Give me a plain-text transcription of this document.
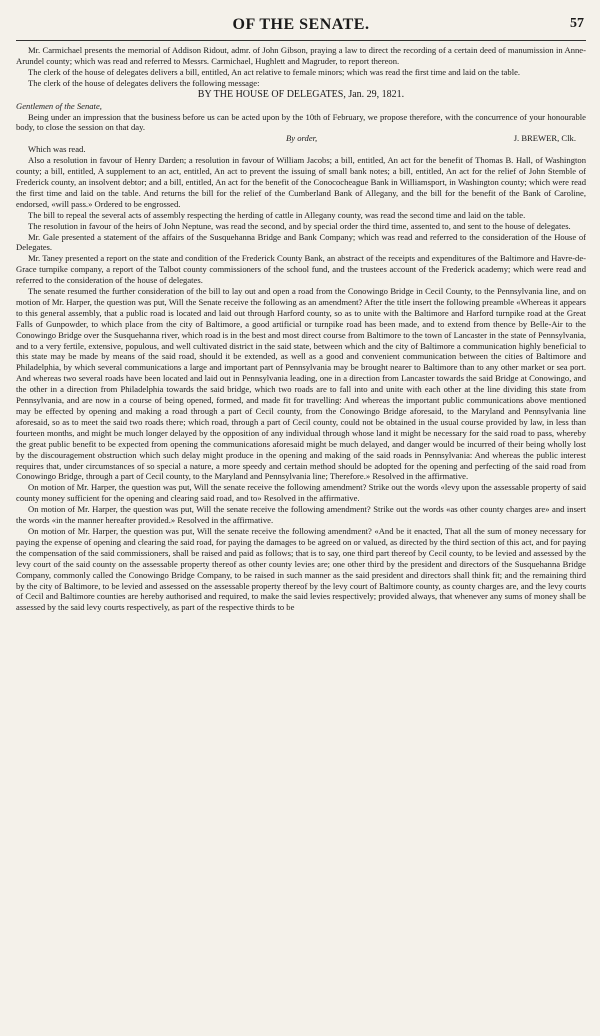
OF THE SENATE.	57

Mr. Carmichael presents the memorial of Addison Ridout, admr. of John Gibson, praying a law to direct the recording of a certain deed of manumission in Anne-Arundel county; which was read and referred to Messrs. Carmichael, Hughlett and Magruder, to report thereon.

The clerk of the house of delegates delivers a bill, entitled, An act relative to female minors; which was read the first time and laid on the table.

The clerk of the house of delegates delivers the following message:

BY THE HOUSE OF DELEGATES, Jan. 29, 1821.

Gentlemen of the Senate,

Being under an impression that the business before us can be acted upon by the 10th of February, we propose therefore, with the concurrence of your honourable body, to close the session on that day.

By order,	J. BREWER, Clk.

Which was read.

Also a resolution in favour of Henry Darden; a resolution in favour of William Jacobs; a bill, entitled, An act for the benefit of Thomas B. Hall, of Washington county; a bill, entitled, A supplement to an act, entitled, An act to prevent the issuing of small bank notes; a bill, entitled, An act for the relief of John Stemble of Frederick county, an insolvent debtor; and a bill, entitled, An act for the benefit of the Conococheague Bank in Williamsport, in Washington county; which were read the first time and laid on the table. And returns the bill for the relief of the Cumberland Bank of Allegany, and the bill for the benefit of the Bank of Caroline, endorsed, «will pass.» Ordered to be engrossed.

The bill to repeal the several acts of assembly respecting the herding of cattle in Allegany county, was read the second time and laid on the table.

The resolution in favour of the heirs of John Neptune, was read the second, and by special order the third time, assented to, and sent to the house of delegates.

Mr. Gale presented a statement of the affairs of the Susquehanna Bridge and Bank Company; which was read and referred to the consideration of the House of Delegates.

Mr. Taney presented a report on the state and condition of the Frederick County Bank, an abstract of the receipts and expenditures of the Baltimore and Havre-de-Grace turnpike company, a report of the Talbot county commissioners of the school fund, and the trustees account of the Frederick academy; which were read and referred to the consideration of the house of delegates.

The senate resumed the further consideration of the bill to lay out and open a road from the Conowingo Bridge in Cecil County, to the Pennsylvania line, and on motion of Mr. Harper, the question was put, Will the Senate receive the following as an amendment? After the title insert the following preamble «Whereas it appears to this general assembly, that a public road is located and laid out through Harford county, so as to unite with the Baltimore and Harford turnpike road at the Great Falls of Gunpowder, to which place from the city of Baltimore, a good artificial or turnpike road has been made, and to extend from thence by Belle-Air to the Conowingo Bridge over the Susquehanna river, which road is in the best and most direct course from Baltimore to the town of Lancaster in the state of Pennsylvania, and to a very fertile, extensive, populous, and well cultivated district in the said state, between which and the city of Baltimore a communication highly beneficial to this state may be made by means of the said road, should it be extended, as well as a good and convenient communication between the cities of Baltimore and Philadelphia, by which several communications a large and important part of Pennsylvania may be brought nearer to Baltimore than to any other market or sea port. And whereas two several roads have been located and laid out in Pennsylvania leading, one in a direction from Lancaster towards the said Bridge at Conowingo, and the other in a direction from Philadelphia towards the said bridge, which two roads are to fall into and unite with each other at the line dividing this state from Pennsylvania, and are now in a course of being opened, formed, and made fit for travelling: And whereas the important public communications above mentioned may be effected by opening and making a road through a part of Cecil county, from the Conowingo Bridge aforesaid, to the Maryland and Pennsylvania line aforesaid, so as to meet the said two roads there; which road, through a part of Cecil county, could not be obtained in the usual course provided by law, in less than fourteen months, and might be much longer delayed by the opposition of any individual through whose land it might be necessary for the said road to pass, whereby the great public benefit to be expected from opening the communications aforesaid might be much delayed, and danger would be incurred of their being wholly lost by the discouragement obstruction which such delay might produce in the opening and making of the said roads in Pennsylvania: And whereas the public interest requires that, under circumstances of so special a nature, a more speedy and certain method should be adopted for the opening and perfecting of the said road from Conowingo Bridge, through a part of Cecil county, to the Maryland and Pennsylvania line; Therefore.» Resolved in the affirmative.

On motion of Mr. Harper, the question was put, Will the senate receive the following amendment? Strike out the words «levy upon the assessable property of said county money sufficient for the opening and clearing said road, and to» Resolved in the affirmative.

On motion of Mr. Harper, the question was put, Will the senate receive the following amendment? Strike out the words «as other county charges are» and insert the words «in the manner hereafter provided.» Resolved in the affirmative.

On motion of Mr. Harper, the question was put, Will the senate receive the following amendment? «And be it enacted, That all the sum of money necessary for paying the expense of opening and clearing the said road, for paying the damages to be agreed on or valued, as directed by the third section of this act, and for paying the compensation of the said commissioners, shall be raised and paid as follows; that is to say, one third part thereof by Cecil county, to be levied and assessed by the levy court of the said county on the assessable property thereof as other county levies are; one other third by the president and directors of the Susquehanna Bridge Company, commonly called the Conowingo Bridge Company, to be raised in such manner as the said president and directors shall think fit; and the remaining third by the city of Baltimore, to be levied and assessed on the assessable property thereof by the levy court of Baltimore county, as county charges are, and the levy courts of Cecil and Baltimore counties are hereby authorised and required, to make the said levies respectively; provided always, that whenever any sums of money shall be assessed by the said levy courts respectively, as part of the respective thirds to be
